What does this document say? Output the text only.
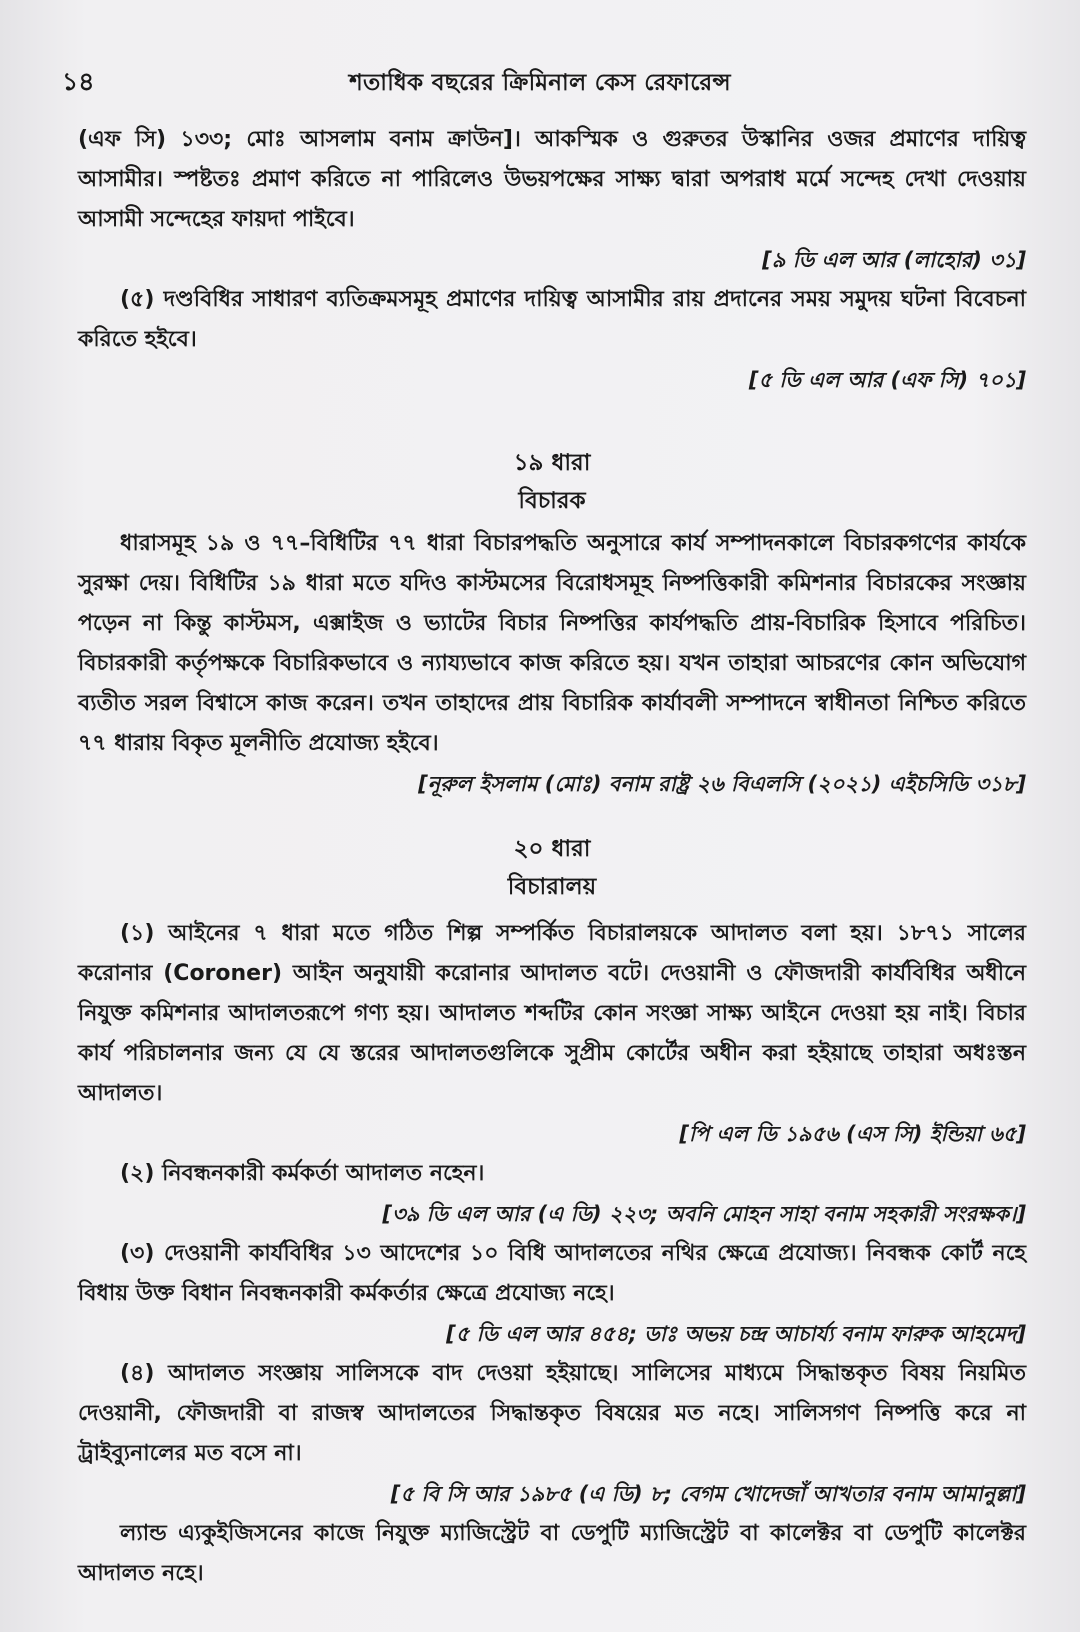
১৪	শতাধিক বছরের ক্রিমিনাল কেস রেফারেন্স

(এফ সি) ১৩৩; মোঃ আসলাম বনাম ক্রাউন]। আকস্মিক ও গুরুতর উস্কানির ওজর প্রমাণের দায়িত্ব আসামীর। স্পষ্টতঃ প্রমাণ করিতে না পারিলেও উভয়পক্ষের সাক্ষ্য দ্বারা অপরাধ মর্মে সন্দেহ দেখা দেওয়ায় আসামী সন্দেহের ফায়দা পাইবে।

[৯ ডি এল আর (লাহোর) ৩১]

(৫) দণ্ডবিধির সাধারণ ব্যতিক্রমসমূহ প্রমাণের দায়িত্ব আসামীর রায় প্রদানের সময় সমুদয় ঘটনা বিবেচনা করিতে হইবে।

[৫ ডি এল আর (এফ সি) ৭০১]

১৯ ধারা

বিচারক

ধারাসমূহ ১৯ ও ৭৭–বিধিটির ৭৭ ধারা বিচারপদ্ধতি অনুসারে কার্য সম্পাদনকালে বিচারকগণের কার্যকে সুরক্ষা দেয়। বিধিটির ১৯ ধারা মতে যদিও কাস্টমসের বিরোধসমূহ নিষ্পত্তিকারী কমিশনার বিচারকের সংজ্ঞায় পড়েন না কিন্তু কাস্টমস, এক্সাইজ ও ভ্যাটের বিচার নিষ্পত্তির কার্যপদ্ধতি প্রায়-বিচারিক হিসাবে পরিচিত। বিচারকারী কর্তৃপক্ষকে বিচারিকভাবে ও ন্যায্যভাবে কাজ করিতে হয়। যখন তাহারা আচরণের কোন অভিযোগ ব্যতীত সরল বিশ্বাসে কাজ করেন। তখন তাহাদের প্রায় বিচারিক কার্যাবলী সম্পাদনে স্বাধীনতা নিশ্চিত করিতে ৭৭ ধারায় বিকৃত মূলনীতি প্রযোজ্য হইবে।

[নূরুল ইসলাম (মোঃ) বনাম রাষ্ট্র ২৬ বিএলসি (২০২১) এইচসিডি ৩১৮]

২০ ধারা

বিচারালয়

(১) আইনের ৭ ধারা মতে গঠিত শিল্প সম্পর্কিত বিচারালয়কে আদালত বলা হয়। ১৮৭১ সালের করোনার (Coroner) আইন অনুযায়ী করোনার আদালত বটে। দেওয়ানী ও ফৌজদারী কার্যবিধির অধীনে নিযুক্ত কমিশনার আদালতরূপে গণ্য হয়। আদালত শব্দটির কোন সংজ্ঞা সাক্ষ্য আইনে দেওয়া হয় নাই। বিচার কার্য পরিচালনার জন্য যে যে স্তরের আদালতগুলিকে সুপ্রীম কোর্টের অধীন করা হইয়াছে তাহারা অধঃস্তন আদালত।

[পি এল ডি ১৯৫৬ (এস সি) ইন্ডিয়া ৬৫]

(২) নিবন্ধনকারী কর্মকর্তা আদালত নহেন।

[৩৯ ডি এল আর (এ ডি) ২২৩; অবনি মোহন সাহা বনাম সহকারী সংরক্ষক।]

(৩) দেওয়ানী কার্যবিধির ১৩ আদেশের ১০ বিধি আদালতের নথির ক্ষেত্রে প্রযোজ্য। নিবন্ধক কোর্ট নহে বিধায় উক্ত বিধান নিবন্ধনকারী কর্মকর্তার ক্ষেত্রে প্রযোজ্য নহে।

[৫ ডি এল আর ৪৫৪; ডাঃ অভয় চন্দ্র আচার্য্য বনাম ফারুক আহমেদ]

(৪) আদালত সংজ্ঞায় সালিসকে বাদ দেওয়া হইয়াছে। সালিসের মাধ্যমে সিদ্ধান্তকৃত বিষয় নিয়মিত দেওয়ানী, ফৌজদারী বা রাজস্ব আদালতের সিদ্ধান্তকৃত বিষয়ের মত নহে। সালিসগণ নিষ্পত্তি করে না ট্রাইব্যুনালের মত বসে না।

[৫ বি সি আর ১৯৮৫ (এ ডি) ৮; বেগম খোদেজাঁ আখতার বনাম আমানুল্লা]

ল্যান্ড এ্যকুইজিসনের কাজে নিযুক্ত ম্যাজিস্ট্রেট বা ডেপুটি ম্যাজিস্ট্রেট বা কালেক্টর বা ডেপুটি কালেক্টর আদালত নহে।
